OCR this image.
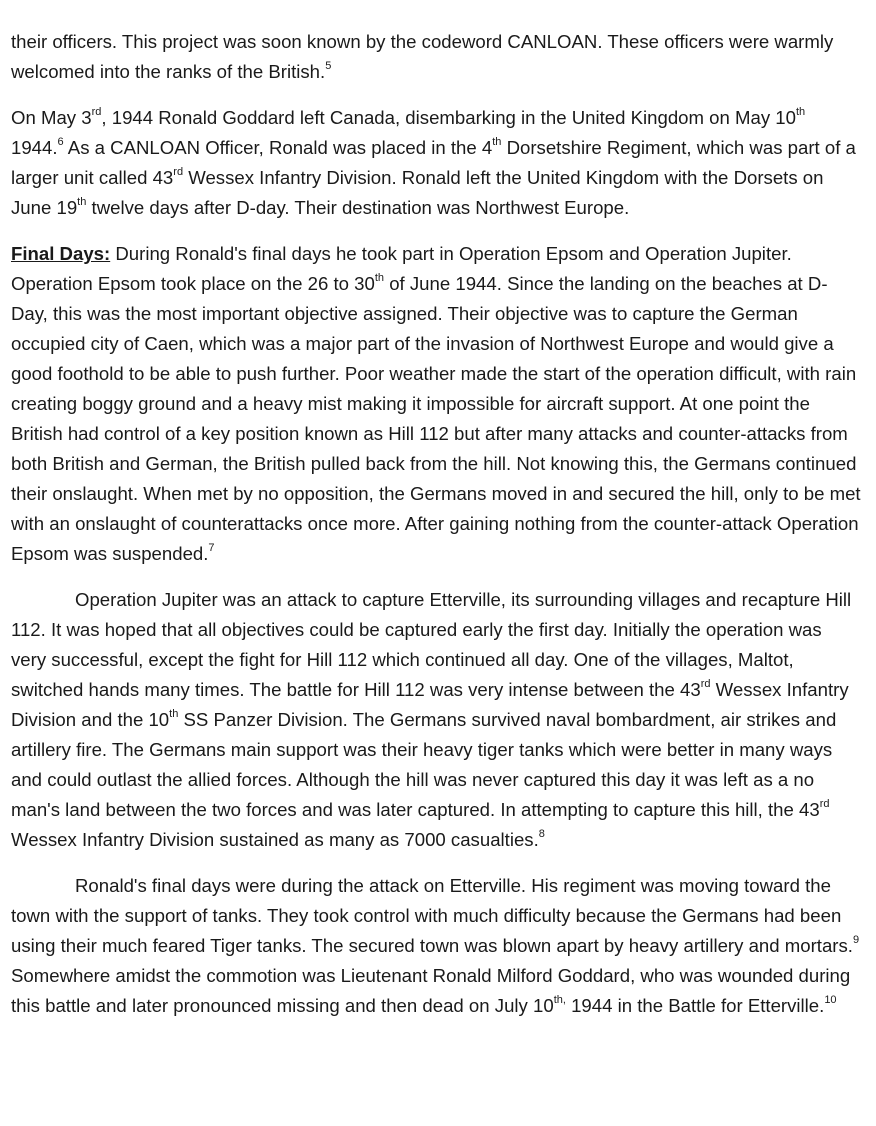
their officers. This project was soon known by the codeword CANLOAN. These officers were warmly welcomed into the ranks of the British.$^5$

On May 3rd, 1944 Ronald Goddard left Canada, disembarking in the United Kingdom on May 10th 1944.$^6$ As a CANLOAN Officer, Ronald was placed in the 4th Dorsetshire Regiment, which was part of a larger unit called 43rd Wessex Infantry Division. Ronald left the United Kingdom with the Dorsets on June 19th twelve days after D-day. Their destination was Northwest Europe.

Final Days: During Ronald's final days he took part in Operation Epsom and Operation Jupiter. Operation Epsom took place on the 26 to 30th of June 1944. Since the landing on the beaches at D-Day, this was the most important objective assigned. Their objective was to capture the German occupied city of Caen, which was a major part of the invasion of Northwest Europe and would give a good foothold to be able to push further. Poor weather made the start of the operation difficult, with rain creating boggy ground and a heavy mist making it impossible for aircraft support. At one point the British had control of a key position known as Hill 112 but after many attacks and counter-attacks from both British and German, the British pulled back from the hill. Not knowing this, the Germans continued their onslaught. When met by no opposition, the Germans moved in and secured the hill, only to be met with an onslaught of counterattacks once more. After gaining nothing from the counter-attack Operation Epsom was suspended.$^7$

Operation Jupiter was an attack to capture Etterville, its surrounding villages and recapture Hill 112. It was hoped that all objectives could be captured early the first day. Initially the operation was very successful, except the fight for Hill 112 which continued all day. One of the villages, Maltot, switched hands many times. The battle for Hill 112 was very intense between the 43rd Wessex Infantry Division and the 10th SS Panzer Division. The Germans survived naval bombardment, air strikes and artillery fire. The Germans main support was their heavy tiger tanks which were better in many ways and could outlast the allied forces. Although the hill was never captured this day it was left as a no man's land between the two forces and was later captured. In attempting to capture this hill, the 43rd Wessex Infantry Division sustained as many as 7000 casualties.$^8$

Ronald's final days were during the attack on Etterville. His regiment was moving toward the town with the support of tanks. They took control with much difficulty because the Germans had been using their much feared Tiger tanks. The secured town was blown apart by heavy artillery and mortars.$^9$ Somewhere amidst the commotion was Lieutenant Ronald Milford Goddard, who was wounded during this battle and later pronounced missing and then dead on July $10^{th,}$ 1944 in the Battle for Etterville.$^{10}$
